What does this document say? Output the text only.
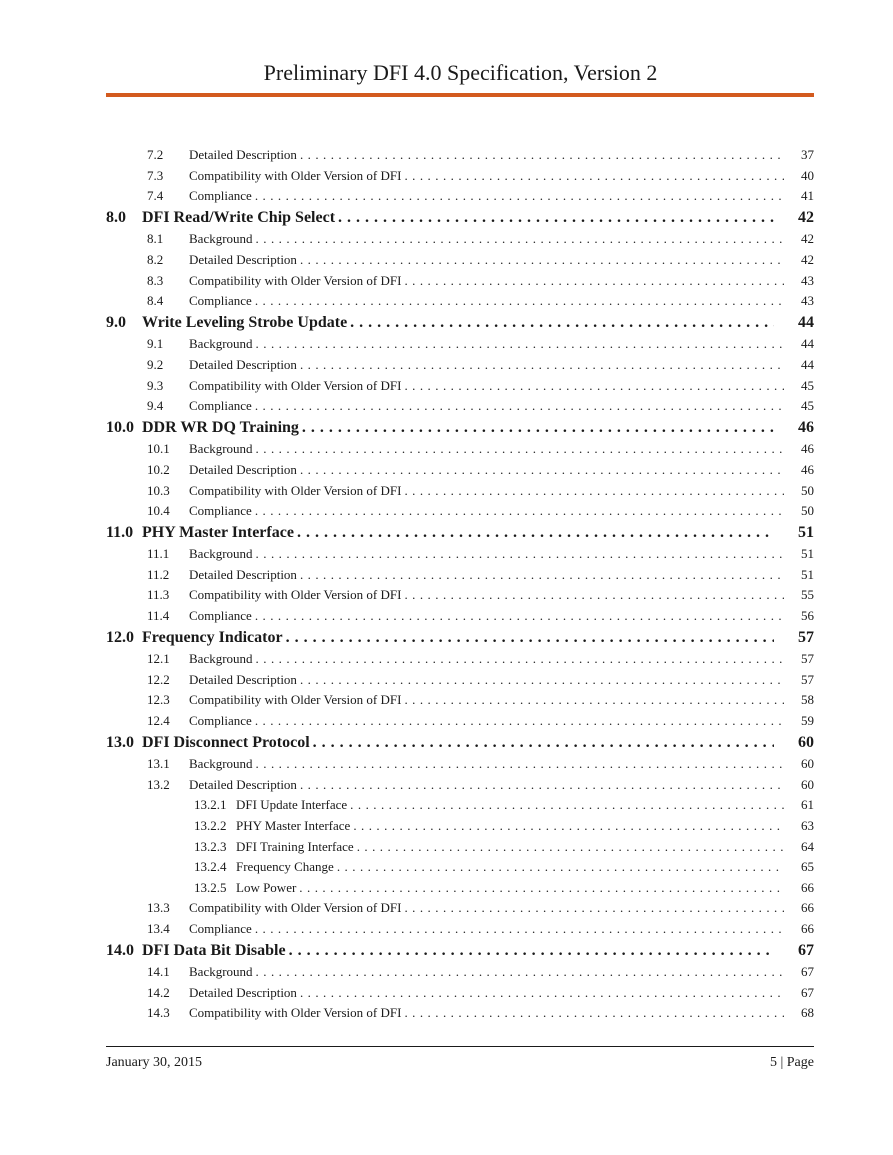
Preliminary DFI 4.0 Specification, Version 2
7.2	Detailed Description . . .	37
7.3	Compatibility with Older Version of DFI . . .	40
7.4	Compliance . . .	41
8.0	DFI Read/Write Chip Select . . .	42
8.1	Background . . .	42
8.2	Detailed Description . . .	42
8.3	Compatibility with Older Version of DFI . . .	43
8.4	Compliance . . .	43
9.0	Write Leveling Strobe Update . . .	44
9.1	Background . . .	44
9.2	Detailed Description . . .	44
9.3	Compatibility with Older Version of DFI . . .	45
9.4	Compliance . . .	45
10.0 DDR WR DQ Training . . .	46
10.1	Background . . .	46
10.2	Detailed Description . . .	46
10.3	Compatibility with Older Version of DFI . . .	50
10.4	Compliance . . .	50
11.0 PHY Master Interface . . .	51
11.1	Background . . .	51
11.2	Detailed Description . . .	51
11.3	Compatibility with Older Version of DFI . . .	55
11.4	Compliance . . .	56
12.0 Frequency Indicator . . .	57
12.1	Background . . .	57
12.2	Detailed Description . . .	57
12.3	Compatibility with Older Version of DFI . . .	58
12.4	Compliance . . .	59
13.0 DFI Disconnect Protocol . . .	60
13.1	Background . . .	60
13.2	Detailed Description . . .	60
13.2.1 DFI Update Interface . . .	61
13.2.2 PHY Master Interface . . .	63
13.2.3 DFI Training Interface . . .	64
13.2.4 Frequency Change . . .	65
13.2.5 Low Power . . .	66
13.3	Compatibility with Older Version of DFI . . .	66
13.4	Compliance . . .	66
14.0 DFI Data Bit Disable . . .	67
14.1	Background . . .	67
14.2	Detailed Description . . .	67
14.3	Compatibility with Older Version of DFI . . .	68
January 30, 2015	5 | Page
